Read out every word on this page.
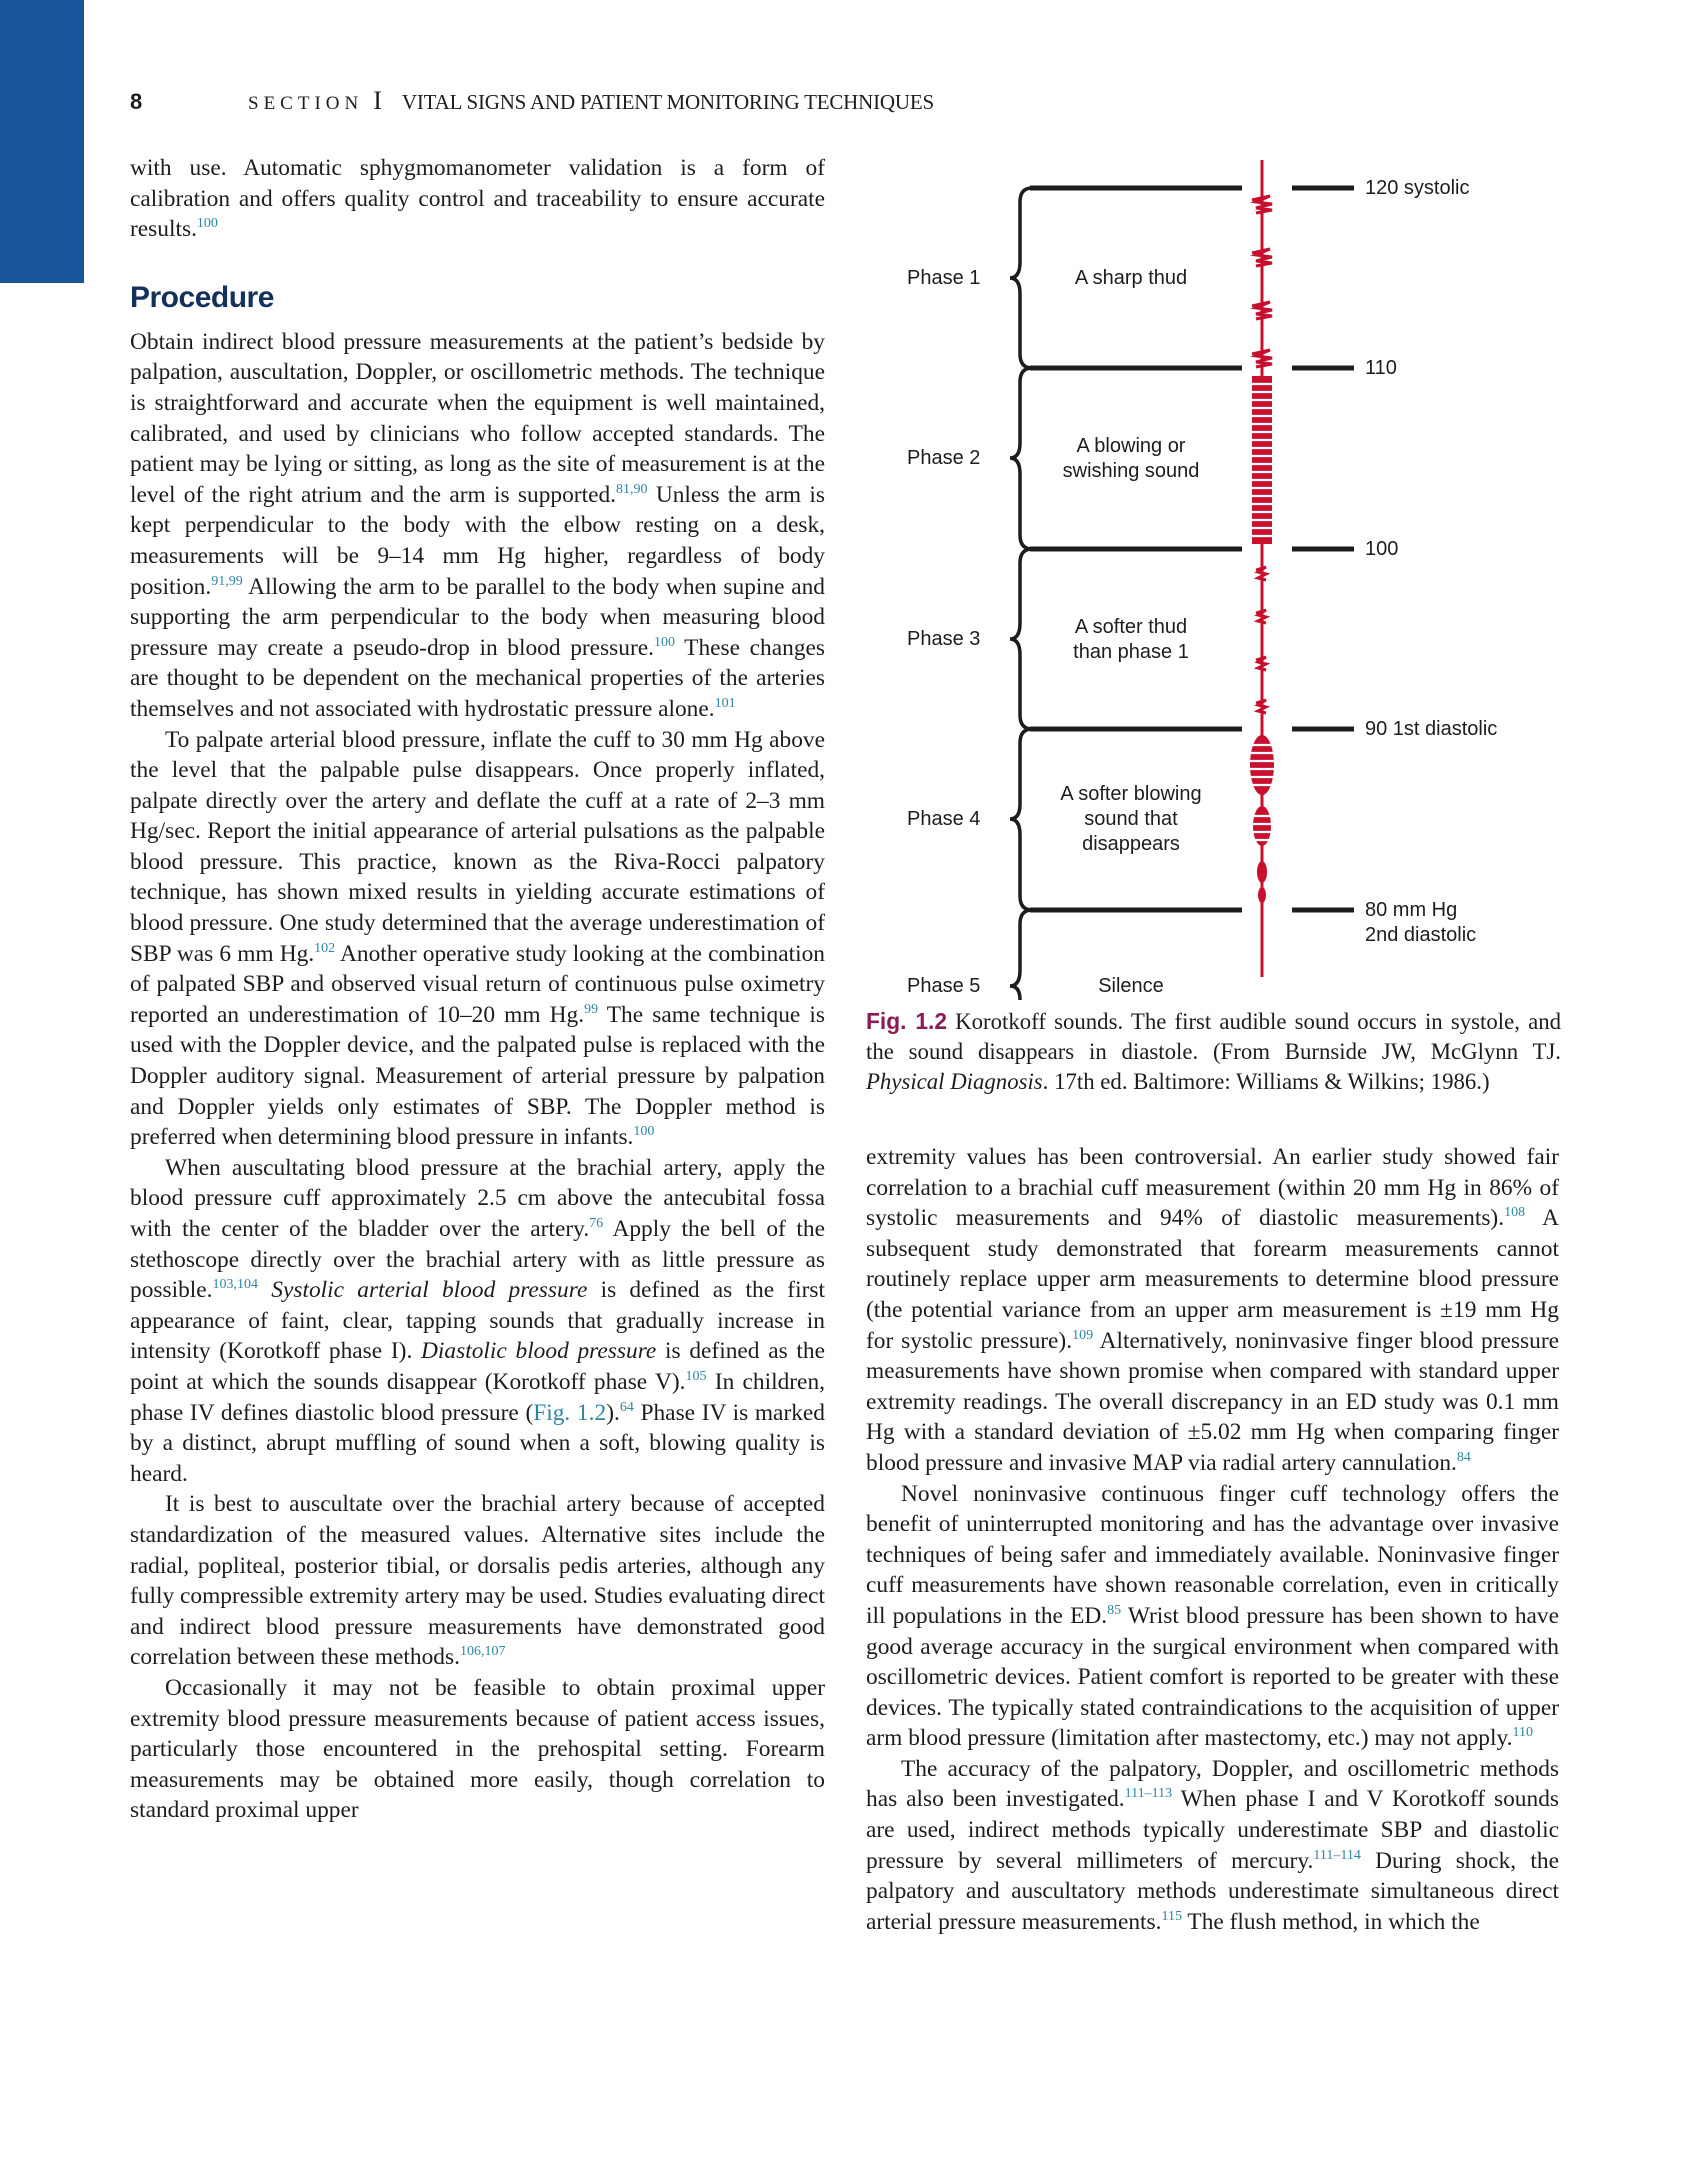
8	SECTION I VITAL SIGNS AND PATIENT MONITORING TECHNIQUES

with use. Automatic sphygmomanometer validation is a form of calibration and offers quality control and traceability to ensure accurate results.$^{100}$

Procedure

Obtain indirect blood pressure measurements at the patient’s bedside by palpation, auscultation, Doppler, or oscillometric methods. The technique is straightforward and accurate when the equipment is well maintained, calibrated, and used by clinicians who follow accepted standards. The patient may be lying or sitting, as long as the site of measurement is at the level of the right atrium and the arm is supported.$^{81,90}$ Unless the arm is kept perpendicular to the body with the elbow resting on a desk, measurements will be 9–14 mm Hg higher, regardless of body position.$^{91,99}$ Allowing the arm to be parallel to the body when supine and supporting the arm perpendicular to the body when measuring blood pressure may create a pseudo-drop in blood pressure.$^{100}$ These changes are thought to be dependent on the mechanical properties of the arteries themselves and not associated with hydrostatic pressure alone.$^{101}$

To palpate arterial blood pressure, inflate the cuff to 30 mm Hg above the level that the palpable pulse disappears. Once properly inflated, palpate directly over the artery and deflate the cuff at a rate of 2–3 mm Hg/sec. Report the initial appearance of arterial pulsations as the palpable blood pressure. This practice, known as the Riva-Rocci palpatory technique, has shown mixed results in yielding accurate estimations of blood pressure. One study determined that the average underestimation of SBP was 6 mm Hg.$^{102}$ Another operative study looking at the combination of palpated SBP and observed visual return of continuous pulse oximetry reported an underestimation of 10–20 mm Hg.$^{99}$ The same technique is used with the Doppler device, and the palpated pulse is replaced with the Doppler auditory signal. Measurement of arterial pressure by palpation and Doppler yields only estimates of SBP. The Doppler method is preferred when determining blood pressure in infants.$^{100}$

When auscultating blood pressure at the brachial artery, apply the blood pressure cuff approximately 2.5 cm above the antecubital fossa with the center of the bladder over the artery.$^{76}$ Apply the bell of the stethoscope directly over the brachial artery with as little pressure as possible.$^{103,104}$ Systolic arterial blood pressure is defined as the first appearance of faint, clear, tapping sounds that gradually increase in intensity (Korotkoff phase I). Diastolic blood pressure is defined as the point at which the sounds disappear (Korotkoff phase V).$^{105}$ In children, phase IV defines diastolic blood pressure (Fig. 1.2).$^{64}$ Phase IV is marked by a distinct, abrupt muffling of sound when a soft, blowing quality is heard.

It is best to auscultate over the brachial artery because of accepted standardization of the measured values. Alternative sites include the radial, popliteal, posterior tibial, or dorsalis pedis arteries, although any fully compressible extremity artery may be used. Studies evaluating direct and indirect blood pressure measurements have demonstrated good correlation between these methods.$^{106,107}$

Occasionally it may not be feasible to obtain proximal upper extremity blood pressure measurements because of patient access issues, particularly those encountered in the prehospital setting. Forearm measurements may be obtained more easily, though correlation to standard proximal upper

Phase 1
Phase 2
Phase 3
Phase 4
Phase 5
A sharp thud
A blowing or
swishing sound
A softer thud
than phase 1
A softer blowing
sound that
disappears
Silence
120 systolic
110
100
90 1st diastolic
80 mm Hg
2nd diastolic
Fig. 1.2 Korotkoff sounds. The first audible sound occurs in systole, and the sound disappears in diastole. (From Burnside JW, McGlynn TJ. Physical Diagnosis. 17th ed. Baltimore: Williams & Wilkins; 1986.)

extremity values has been controversial. An earlier study showed fair correlation to a brachial cuff measurement (within 20 mm Hg in 86% of systolic measurements and 94% of diastolic measurements).$^{108}$ A subsequent study demonstrated that forearm measurements cannot routinely replace upper arm measurements to determine blood pressure (the potential variance from an upper arm measurement is ±19 mm Hg for systolic pressure).$^{109}$ Alternatively, noninvasive finger blood pressure measurements have shown promise when compared with standard upper extremity readings. The overall discrepancy in an ED study was 0.1 mm Hg with a standard deviation of ±5.02 mm Hg when comparing finger blood pressure and invasive MAP via radial artery cannulation.$^{84}$

Novel noninvasive continuous finger cuff technology offers the benefit of uninterrupted monitoring and has the advantage over invasive techniques of being safer and immediately available. Noninvasive finger cuff measurements have shown reasonable correlation, even in critically ill populations in the ED.$^{85}$ Wrist blood pressure has been shown to have good average accuracy in the surgical environment when compared with oscillometric devices. Patient comfort is reported to be greater with these devices. The typically stated contraindications to the acquisition of upper arm blood pressure (limitation after mastectomy, etc.) may not apply.$^{110}$

The accuracy of the palpatory, Doppler, and oscillometric methods has also been investigated.$^{111-113}$ When phase I and V Korotkoff sounds are used, indirect methods typically underestimate SBP and diastolic pressure by several millimeters of mercury.$^{111-114}$ During shock, the palpatory and auscultatory methods underestimate simultaneous direct arterial pressure measurements.$^{115}$ The flush method, in which the
